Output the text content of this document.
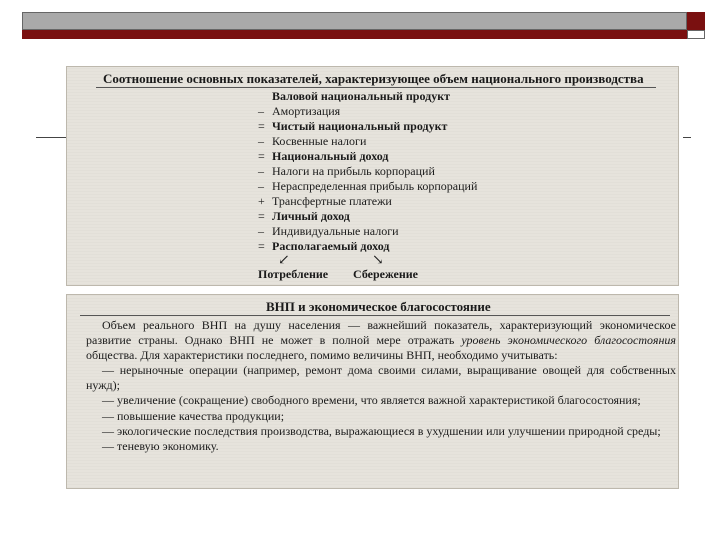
Соотношение основных показателей, характеризующее объем национального производства
Валовой национальный продукт
– Амортизация
= Чистый национальный продукт
– Косвенные налоги
= Национальный доход
– Налоги на прибыль корпораций
– Нераспределенная прибыль корпораций
+ Трансфертные платежи
= Личный доход
– Индивидуальные налоги
= Располагаемый доход
↙	↘
Потребление Сбережение
ВНП и экономическое благосостояние

Объем реального ВНП на душу населения — важнейший показатель, характеризующий экономическое развитие страны. Однако ВНП не может в полной мере отражать уровень экономического благосостояния общества. Для характеристики последнего, помимо величины ВНП, необходимо учитывать:

— нерыночные операции (например, ремонт дома своими силами, выращивание овощей для собственных нужд);

— увеличение (сокращение) свободного времени, что является важной характеристикой благосостояния;

— повышение качества продукции;

— экологические последствия производства, выражающиеся в ухудшении или улучшении природной среды;

— теневую экономику.
